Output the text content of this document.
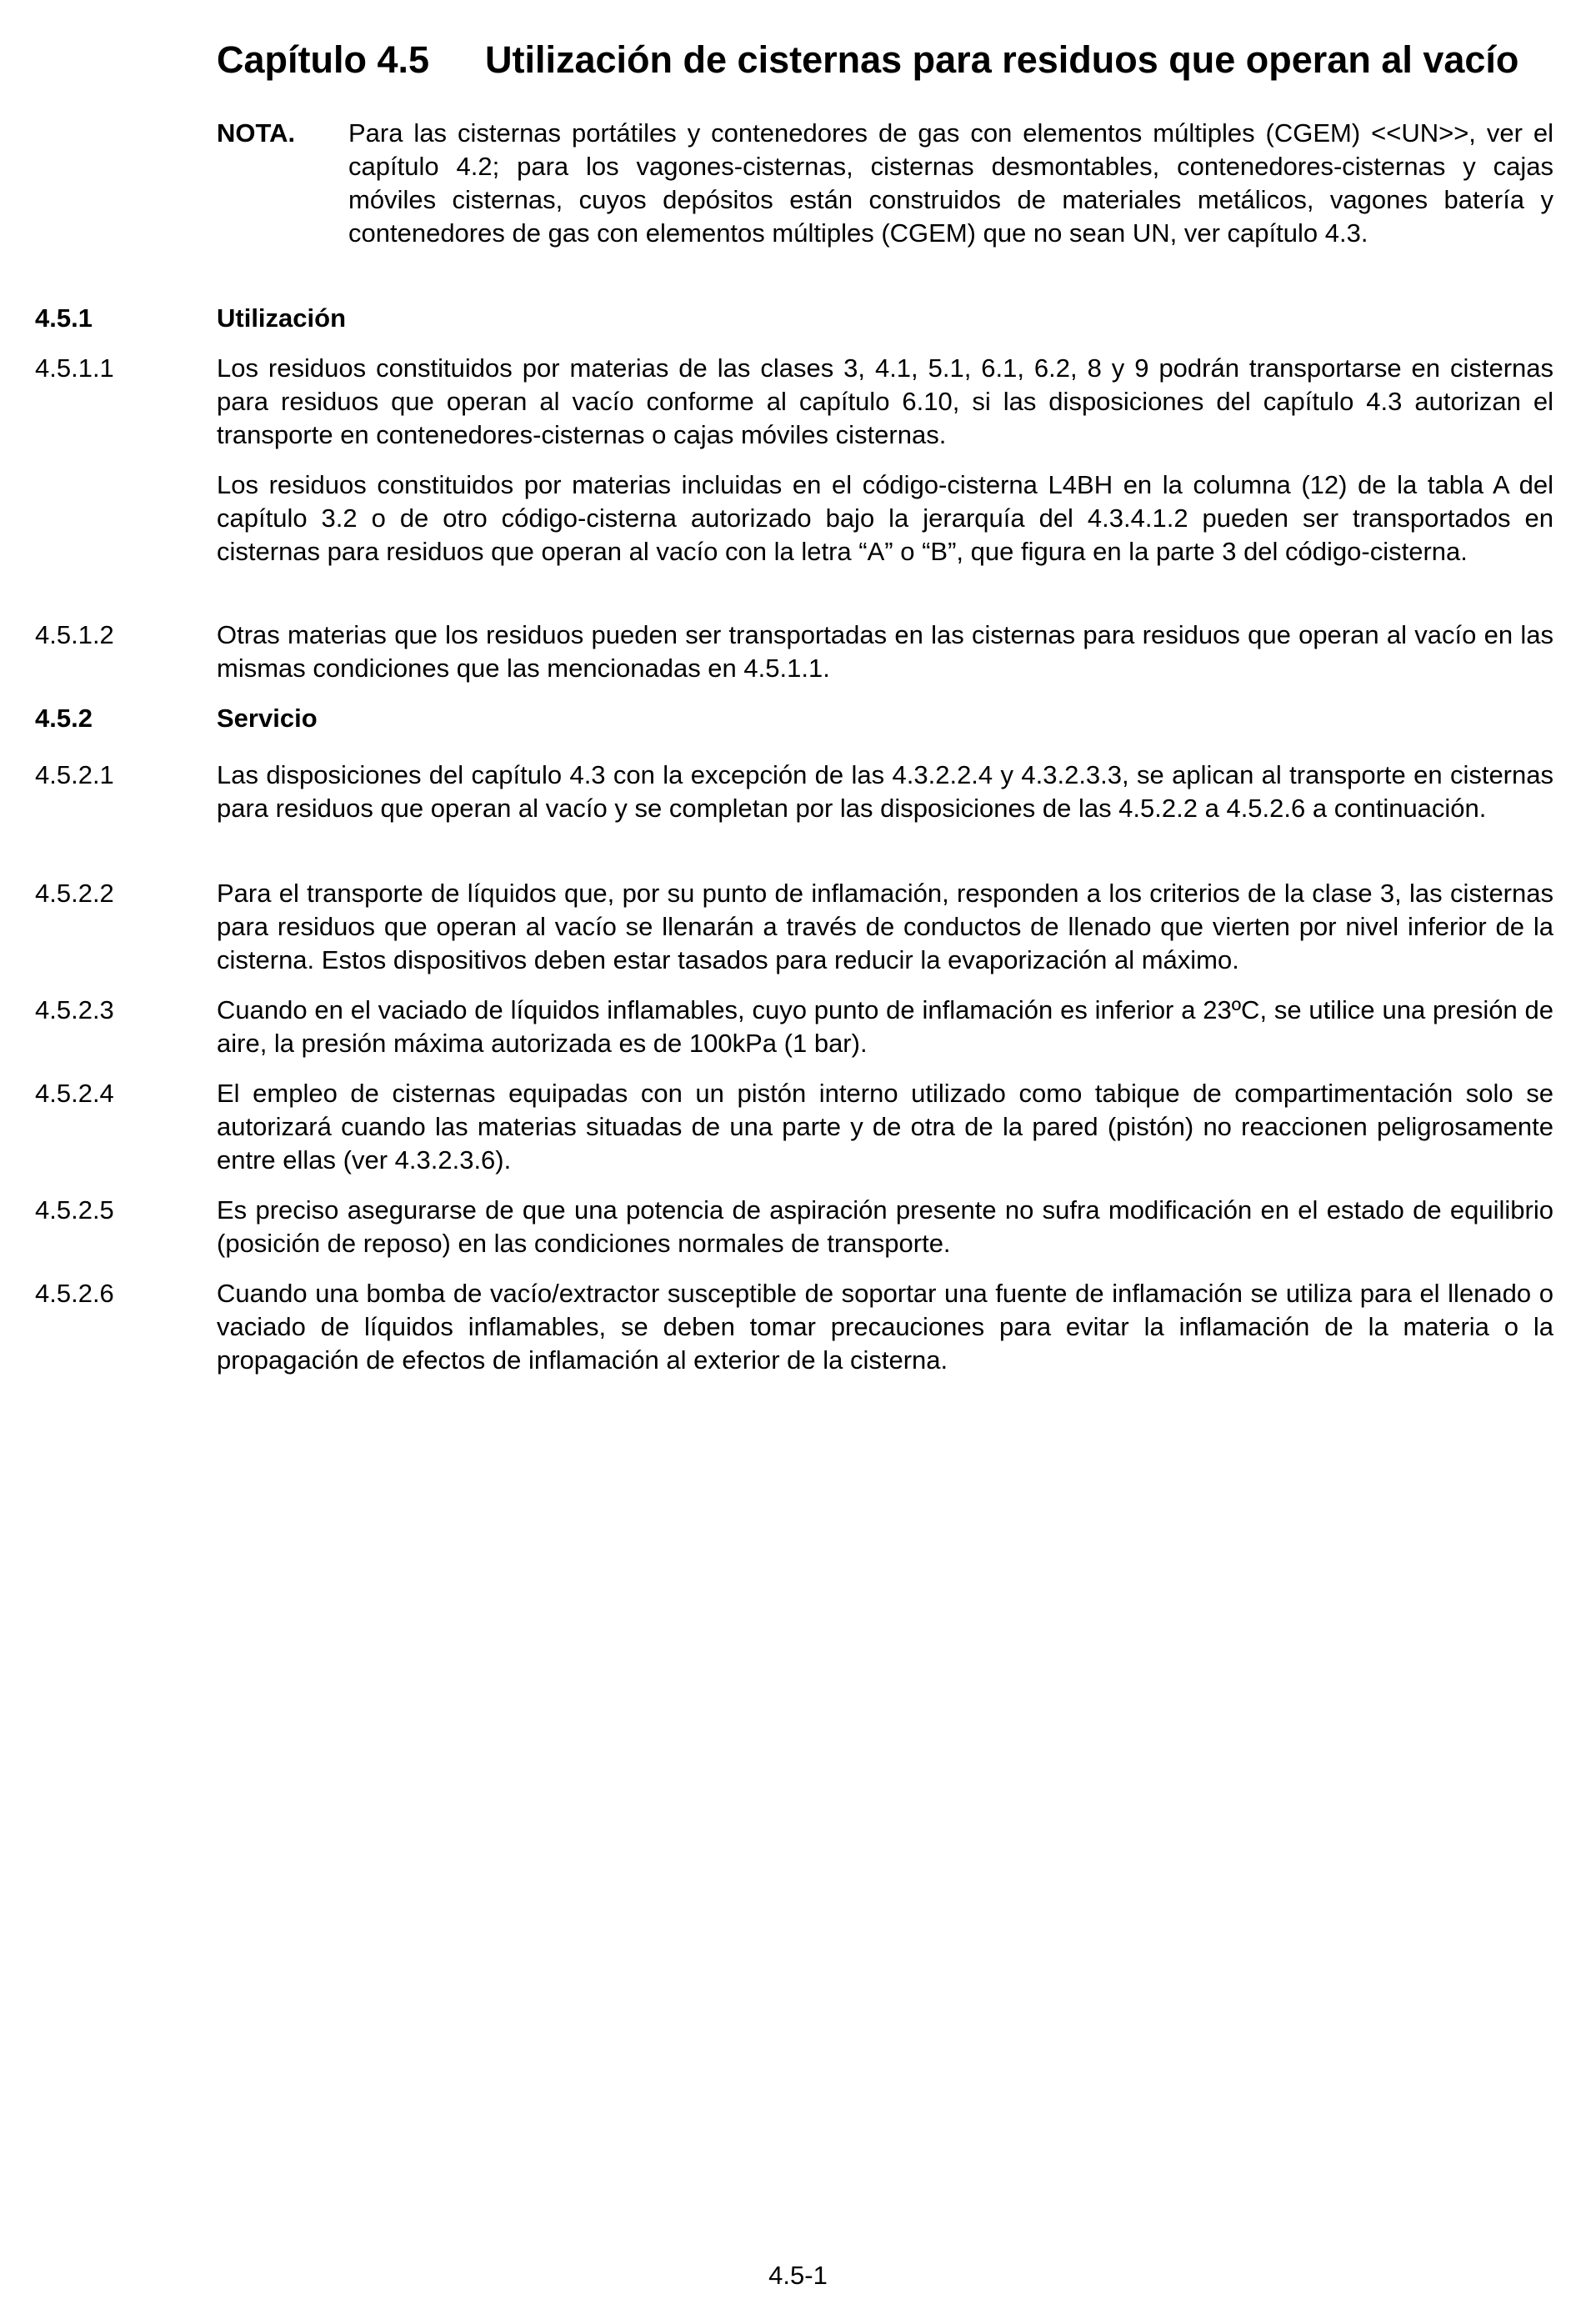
Capítulo 4.5 Utilización de cisternas para residuos que operan al vacío
NOTA. Para las cisternas portátiles y contenedores de gas con elementos múltiples (CGEM) <<UN>>, ver el capítulo 4.2; para los vagones-cisternas, cisternas desmontables, contenedores-cisternas y cajas móviles cisternas, cuyos depósitos están construidos de materiales metálicos, vagones batería y contenedores de gas con elementos múltiples (CGEM) que no sean UN, ver capítulo 4.3.
4.5.1	Utilización
4.5.1.1	Los residuos constituidos por materias de las clases 3, 4.1, 5.1, 6.1, 6.2, 8 y 9 podrán transportarse en cisternas para residuos que operan al vacío conforme al capítulo 6.10, si las disposiciones del capítulo 4.3 autorizan el transporte en contenedores-cisternas o cajas móviles cisternas.
Los residuos constituidos por materias incluidas en el código-cisterna L4BH en la columna (12) de la tabla A del capítulo 3.2 o de otro código-cisterna autorizado bajo la jerarquía del 4.3.4.1.2 pueden ser transportados en cisternas para residuos que operan al vacío con la letra “A” o “B”, que figura en la parte 3 del código-cisterna.
4.5.1.2	Otras materias que los residuos pueden ser transportadas en las cisternas para residuos que operan al vacío en las mismas condiciones que las mencionadas en 4.5.1.1.
4.5.2	Servicio
4.5.2.1	Las disposiciones del capítulo 4.3 con la excepción de las 4.3.2.2.4 y 4.3.2.3.3, se aplican al transporte en cisternas para residuos que operan al vacío y se completan por las disposiciones de las 4.5.2.2 a 4.5.2.6 a continuación.
4.5.2.2	Para el transporte de líquidos que, por su punto de inflamación, responden a los criterios de la clase 3, las cisternas para residuos que operan al vacío se llenarán a través de conductos de llenado que vierten por nivel inferior de la cisterna. Estos dispositivos deben estar tasados para reducir la evaporización al máximo.
4.5.2.3	Cuando en el vaciado de líquidos inflamables, cuyo punto de inflamación es inferior a 23ºC, se utilice una presión de aire, la presión máxima autorizada es de 100kPa (1 bar).
4.5.2.4	El empleo de cisternas equipadas con un pistón interno utilizado como tabique de compartimentación solo se autorizará cuando las materias situadas de una parte y de otra de la pared (pistón) no reaccionen peligrosamente entre ellas (ver 4.3.2.3.6).
4.5.2.5	Es preciso asegurarse de que una potencia de aspiración presente no sufra modificación en el estado de equilibrio (posición de reposo) en las condiciones normales de transporte.
4.5.2.6	Cuando una bomba de vacío/extractor susceptible de soportar una fuente de inflamación se utiliza para el llenado o vaciado de líquidos inflamables, se deben tomar precauciones para evitar la inflamación de la materia o la propagación de efectos de inflamación al exterior de la cisterna.
4.5-1
